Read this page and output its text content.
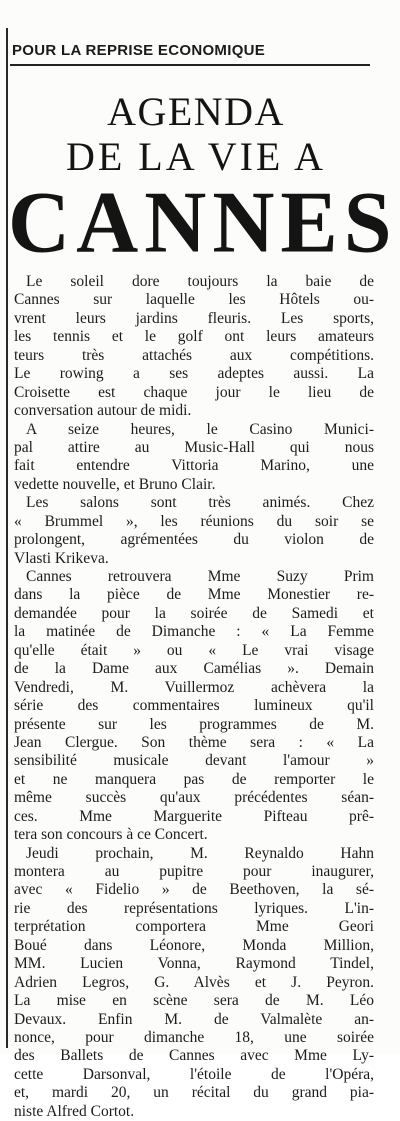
POUR LA REPRISE ECONOMIQUE
AGENDA
DE LA VIE A
CANNES
Le soleil dore toujours la baie de
Cannes sur laquelle les Hôtels ou-
vrent leurs jardins fleuris. Les sports,
les tennis et le golf ont leurs amateurs
teurs très attachés aux compétitions.
Le rowing a ses adeptes aussi. La
Croisette est chaque jour le lieu de
conversation autour de midi.
A seize heures, le Casino Munici-
pal attire au Music-Hall qui nous
fait entendre Vittoria Marino, une
vedette nouvelle, et Bruno Clair.
Les salons sont très animés. Chez
« Brummel », les réunions du soir se
prolongent, agrémentées du violon de
Vlasti Krikeva.
Cannes retrouvera Mme Suzy Prim
dans la pièce de Mme Monestier re-
demandée pour la soirée de Samedi et
la matinée de Dimanche : « La Femme
qu'elle était » ou « Le vrai visage
de la Dame aux Camélias ». Demain
Vendredi, M. Vuillermoz achèvera la
série des commentaires lumineux qu'il
présente sur les programmes de M.
Jean Clergue. Son thème sera : « La
sensibilité musicale devant l'amour »
et ne manquera pas de remporter le
même succès qu'aux précédentes séan-
ces. Mme Marguerite Pifteau prê-
tera son concours à ce Concert.
Jeudi prochain, M. Reynaldo Hahn
montera au pupitre pour inaugurer,
avec « Fidelio » de Beethoven, la sé-
rie des représentations lyriques. L'in-
terprétation comportera Mme Geori
Boué dans Léonore, Monda Million,
MM. Lucien Vonna, Raymond Tindel,
Adrien Legros, G. Alvès et J. Peyron.
La mise en scène sera de M. Léo
Devaux. Enfin M. de Valmalète an-
nonce, pour dimanche 18, une soirée
des Ballets de Cannes avec Mme Ly-
cette Darsonval, l'étoile de l'Opéra,
et, mardi 20, un récital du grand pia-
niste Alfred Cortot.
